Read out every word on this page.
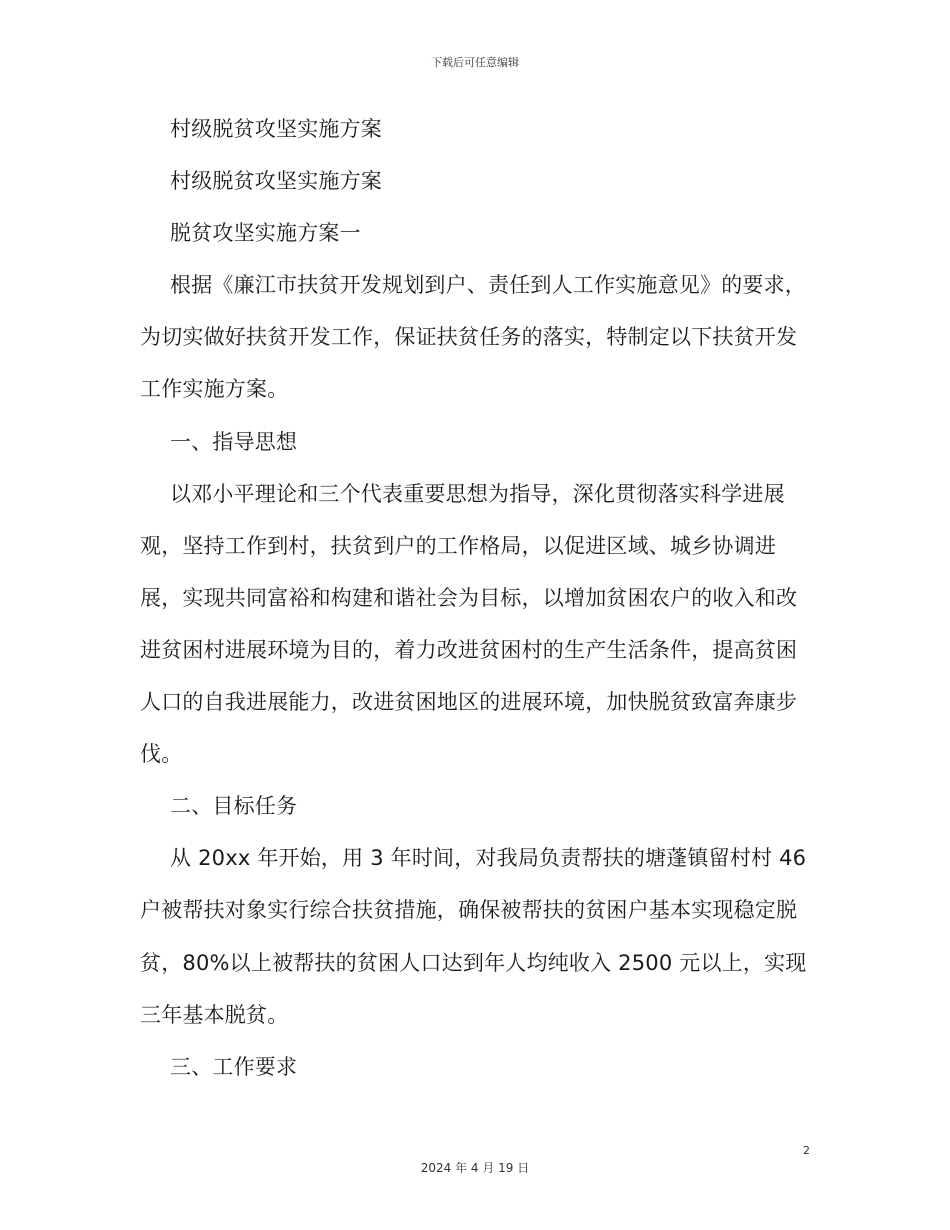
下载后可任意编辑

村级脱贫攻坚实施方案

村级脱贫攻坚实施方案

脱贫攻坚实施方案一

根据《廉江市扶贫开发规划到户、责任到人工作实施意见》的要求，为切实做好扶贫开发工作，保证扶贫任务的落实，特制定以下扶贫开发工作实施方案。

一、指导思想

以邓小平理论和三个代表重要思想为指导，深化贯彻落实科学进展观，坚持工作到村，扶贫到户的工作格局，以促进区域、城乡协调进展，实现共同富裕和构建和谐社会为目标，以增加贫困农户的收入和改进贫困村进展环境为目的，着力改进贫困村的生产生活条件，提高贫困人口的自我进展能力，改进贫困地区的进展环境，加快脱贫致富奔康步伐。

二、目标任务

从 20xx 年开始，用 3 年时间，对我局负责帮扶的塘蓬镇留村村 46 户被帮扶对象实行综合扶贫措施，确保被帮扶的贫困户基本实现稳定脱贫，80%以上被帮扶的贫困人口达到年人均纯收入 2500 元以上，实现三年基本脱贫。

三、工作要求

2
2024 年 4 月 19 日
